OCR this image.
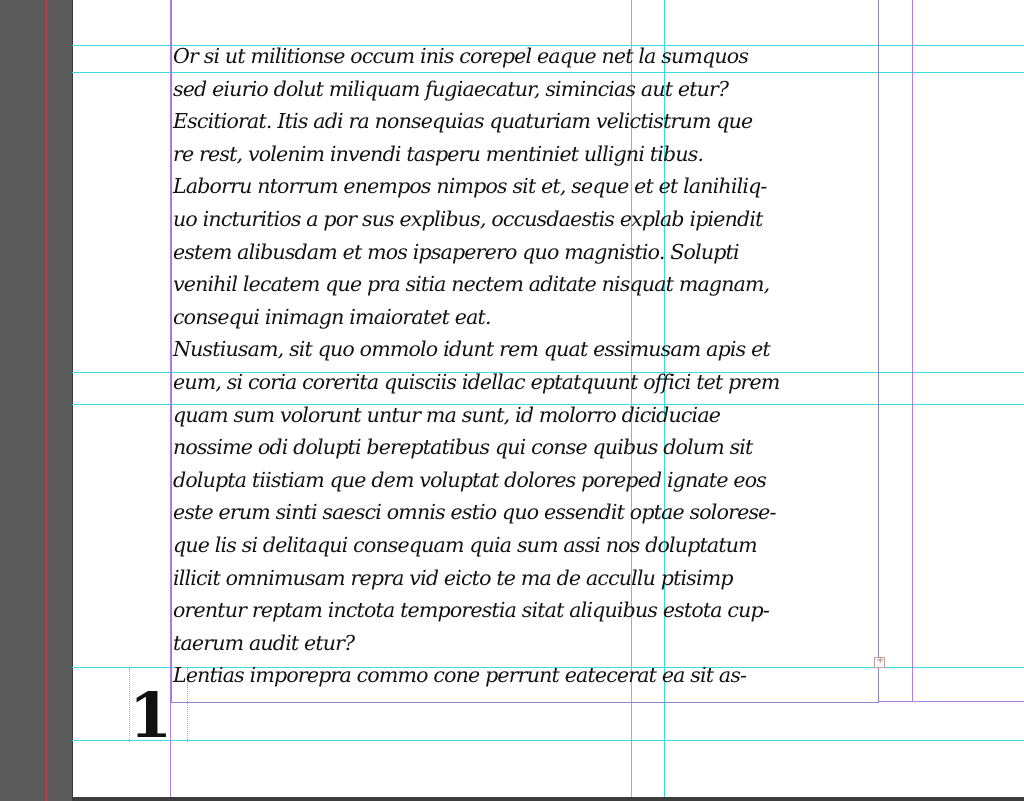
Or si ut militionse occum inis corepel eaque net la sumquos
sed eiurio dolut miliquam fugiaecatur, simincias aut etur?
Escitiorat. Itis adi ra nonsequias quaturiam velictistrum que
re rest, volenim invendi tasperu mentiniet ulligni tibus.
Laborru ntorrum enempos nimpos sit et, seque et et lanihiliq-
uo incturitios a por sus explibus, occusdaestis explab ipiendit
estem alibusdam et mos ipsaperero quo magnistio. Solupti
venihil lecatem que pra sitia nectem aditate nisquat magnam,
consequi inimagn imaioratet eat.
Nustiusam, sit quo ommolo idunt rem quat essimusam apis et
eum, si coria corerita quisciis idellac eptatquunt offici tet prem
quam sum volorunt untur ma sunt, id molorro diciduciae
nossime odi dolupti bereptatibus qui conse quibus dolum sit
dolupta tiistiam que dem voluptat dolores poreped ignate eos
este erum sinti saesci omnis estio quo essendit optae solorese-
que lis si delitaqui consequam quia sum assi nos doluptatum
illicit omnimusam repra vid eicto te ma de accullu ptisimp
orentur reptam inctota temporestia sitat aliquibus estota cup-
taerum audit etur?
Lentias imporepra commo cone perrunt eatecerat ea sit as-
1
+
